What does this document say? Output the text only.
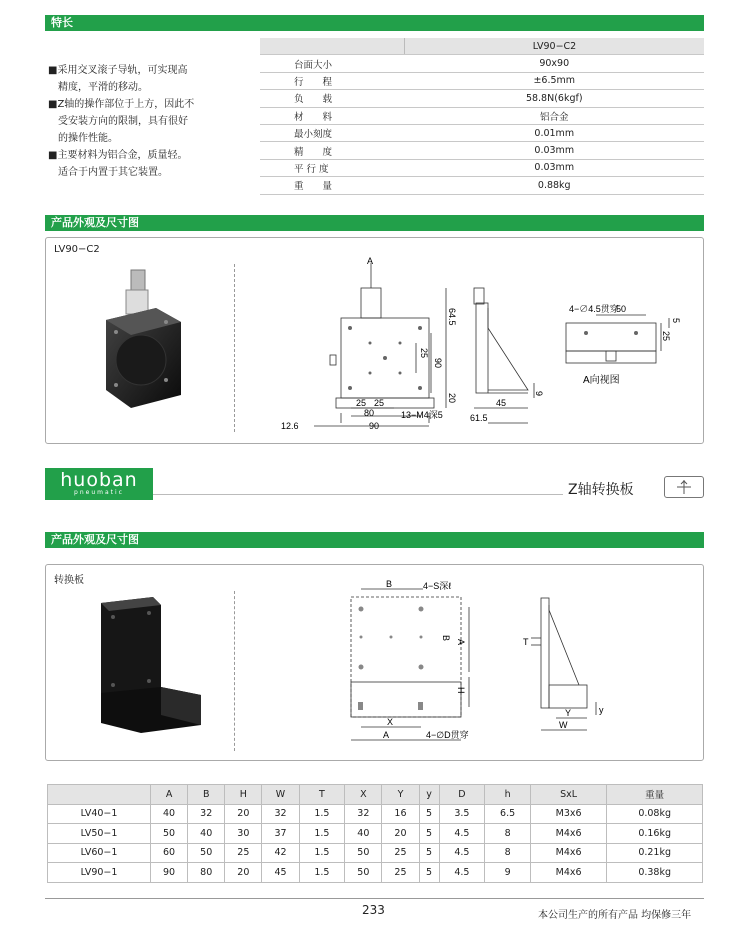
特长

■采用交叉滚子导轨，可实现高

　精度，平滑的移动。

■Z轴的操作部位于上方，因此不

　受安装方向的限制，具有很好

　的操作性能。

■主要材料为铝合金，质量轻。

　适合于内置于其它装置。

	LV90−C2
台面大小	90x90
行　　程	±6.5mm
负　　载	58.8N(6kgf)
材　　料	铝合金
最小刻度	0.01mm
精　　度	0.03mm
平 行 度	0.03mm
重　　量	0.88kg
产品外观及尺寸图
LV90−C2
A
64.5
25
90
20
25 25
80
90
12.6
13−M4深5
9
45
61.5
4−∅4.5贯穿
50
5
25
A向视图
huoban
pneumatic	Z轴转换板
产品外观及尺寸图
转换板	B	4−S深ℓ
B
A
H
X
A	4−∅D贯穿
T
Y	y
W
	A	B	H	W	T	X	Y	y	D	h	SxL	重量
LV40−1	40	32	20	32	1.5	32	16	5	3.5	6.5	M3x6	0.08kg
LV50−1	50	40	30	37	1.5	40	20	5	4.5	8	M4x6	0.16kg
LV60−1	60	50	25	42	1.5	50	25	5	4.5	8	M4x6	0.21kg
LV90−1	90	80	20	45	1.5	50	25	5	4.5	9	M4x6	0.38kg
233	本公司生产的所有产品 均保修三年
